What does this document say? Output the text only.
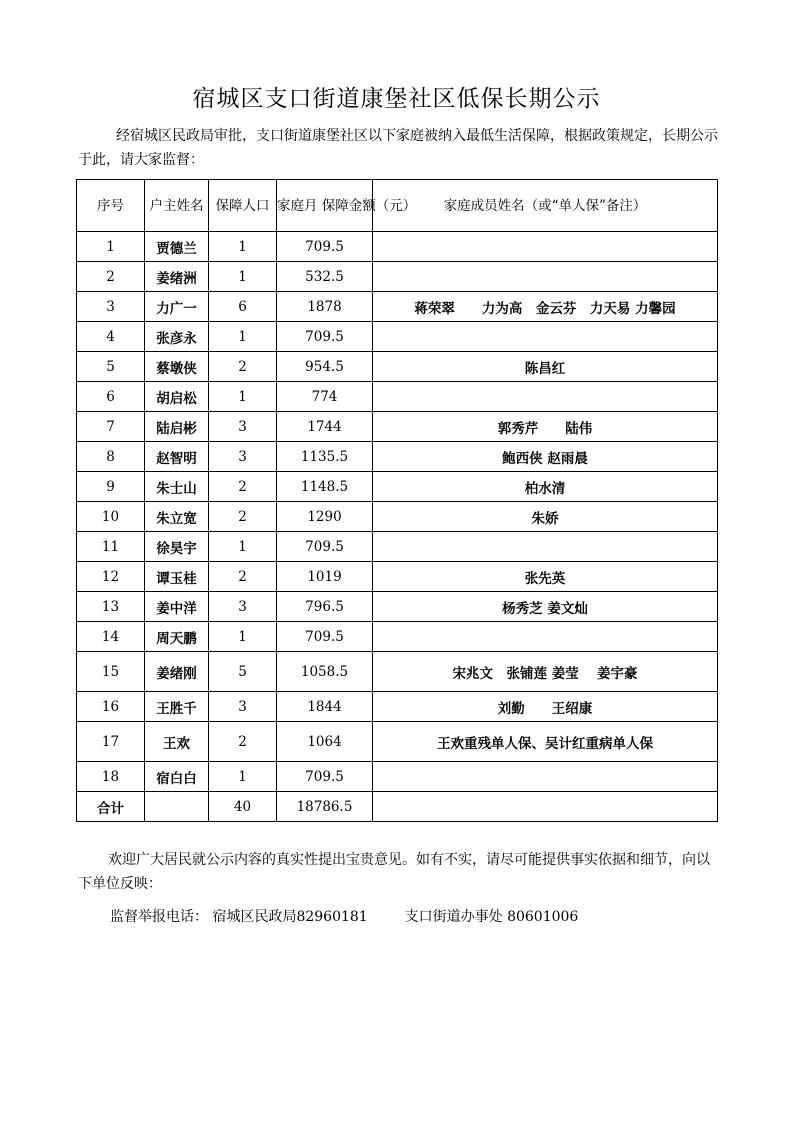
宿城区支口街道康堡社区低保长期公示
经宿城区民政局审批，支口街道康堡社区以下家庭被纳入最低生活保障，根据政策规定，长期公示于此，请大家监督：
序号	户主姓名	保障人口	家庭月 保障金额（元）	家庭成员姓名（或“单人保”备注）
1	贾德兰	1	709.5	
2	姜绪洲	1	532.5	
3	力广一	6	1878	蒋荣翠　　力为高　金云芬　力天易 力馨园
4	张彦永	1	709.5	
5	蔡墩侠	2	954.5	陈昌红
6	胡启松	1	774	
7	陆启彬	3	1744	郭秀芹　　陆伟
8	赵智明	3	1135.5	鲍西侠 赵雨晨
9	朱士山	2	1148.5	柏水清
10	朱立宽	2	1290	朱娇
11	徐昊宇	1	709.5	
12	谭玉桂	2	1019	张先英
13	姜中洋	3	796.5	杨秀芝 姜文灿
14	周天鹏	1	709.5	
15	姜绪刚	5	1058.5	宋兆文　张铺莲 姜莹　 姜宇豪
16	王胜千	3	1844	刘勤　　王绍康
17	王欢	2	1064	王欢重残单人保、吴计红重病单人保
18	宿白白	1	709.5	
合计		40	18786.5	
欢迎广大居民就公示内容的真实性提出宝贵意见。如有不实，请尽可能提供事实依据和细节，向以下单位反映：
监督举报电话： 宿城区民政局82960181	支口街道办事处 80601006
